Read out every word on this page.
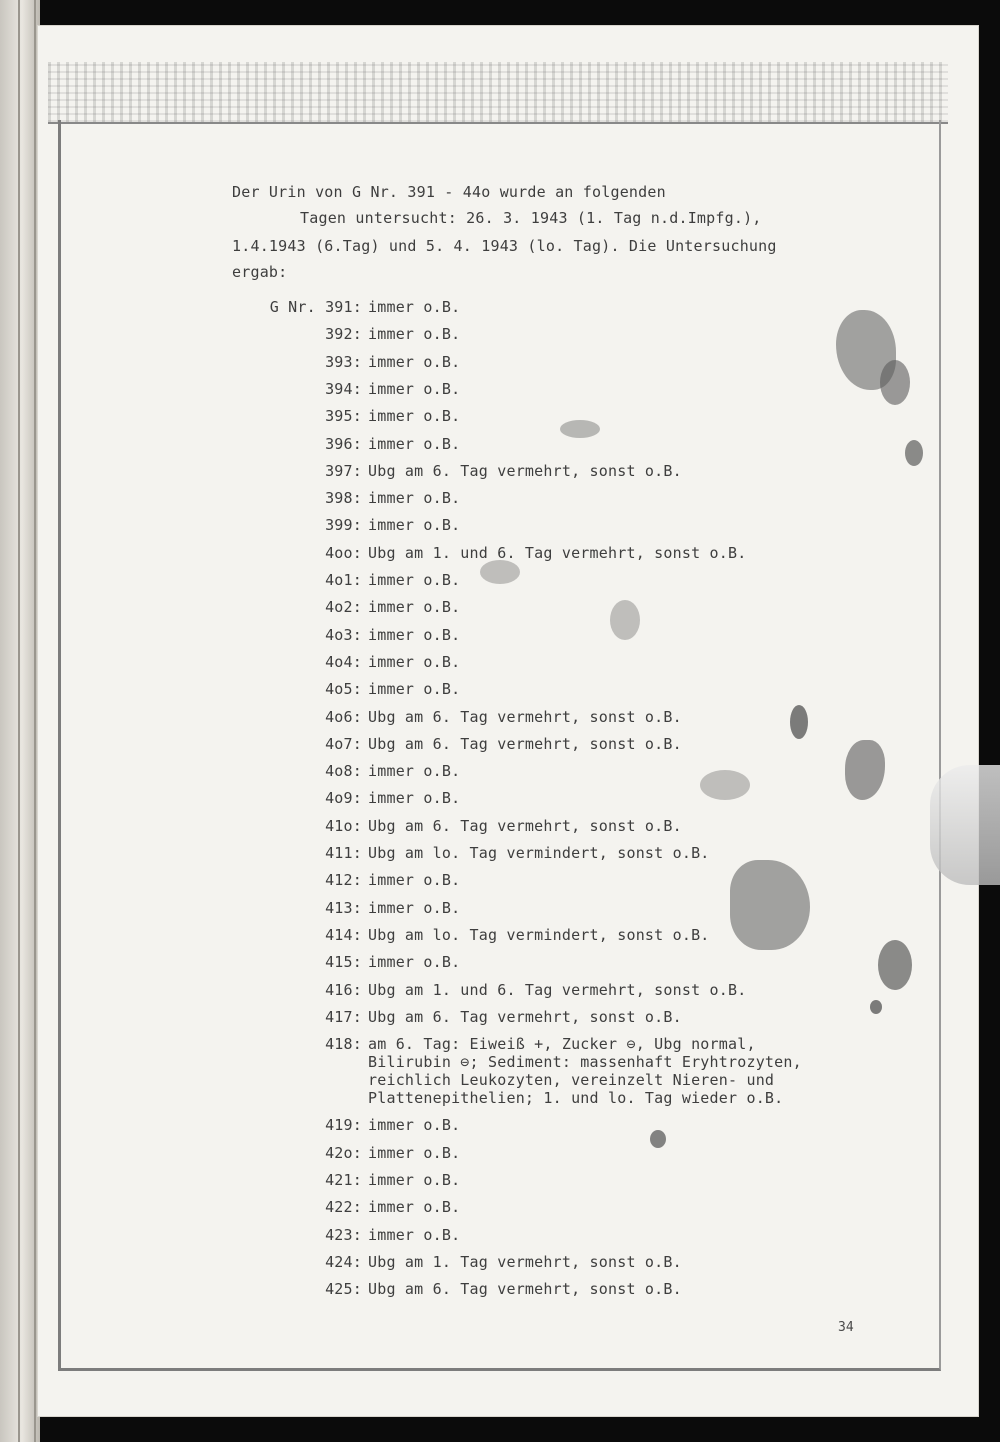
Der Urin von G Nr. 391 - 44o wurde an folgenden
Tagen untersucht: 26. 3. 1943 (1. Tag n.d.Impfg.),
1.4.1943 (6.Tag) und 5. 4. 1943 (lo. Tag). Die Untersuchung
ergab:
G Nr. 391: immer o.B.
392: immer o.B.
393: immer o.B.
394: immer o.B.
395: immer o.B.
396: immer o.B.
397: Ubg am 6. Tag vermehrt, sonst o.B.
398: immer o.B.
399: immer o.B.
4oo: Ubg am 1. und 6. Tag vermehrt, sonst o.B.
4o1: immer o.B.
4o2: immer o.B.
4o3: immer o.B.
4o4: immer o.B.
4o5: immer o.B.
4o6: Ubg am 6. Tag vermehrt, sonst o.B.
4o7: Ubg am 6. Tag vermehrt, sonst o.B.
4o8: immer o.B.
4o9: immer o.B.
41o: Ubg am 6. Tag vermehrt, sonst o.B.
411: Ubg am lo. Tag vermindert, sonst o.B.
412: immer o.B.
413: immer o.B.
414: Ubg am lo. Tag vermindert, sonst o.B.
415: immer o.B.
416: Ubg am 1. und 6. Tag vermehrt, sonst o.B.
417: Ubg am 6. Tag vermehrt, sonst o.B.
418: am 6. Tag: Eiweiß +, Zucker ⊖, Ubg normal,
Bilirubin ⊖; Sediment: massenhaft Eryhtrozyten,
reichlich Leukozyten, vereinzelt Nieren- und
Plattenepithelien; 1. und lo. Tag wieder o.B.
419: immer o.B.
42o: immer o.B.
421: immer o.B.
422: immer o.B.
423: immer o.B.
424: Ubg am 1. Tag vermehrt, sonst o.B.
425: Ubg am 6. Tag vermehrt, sonst o.B.
34
